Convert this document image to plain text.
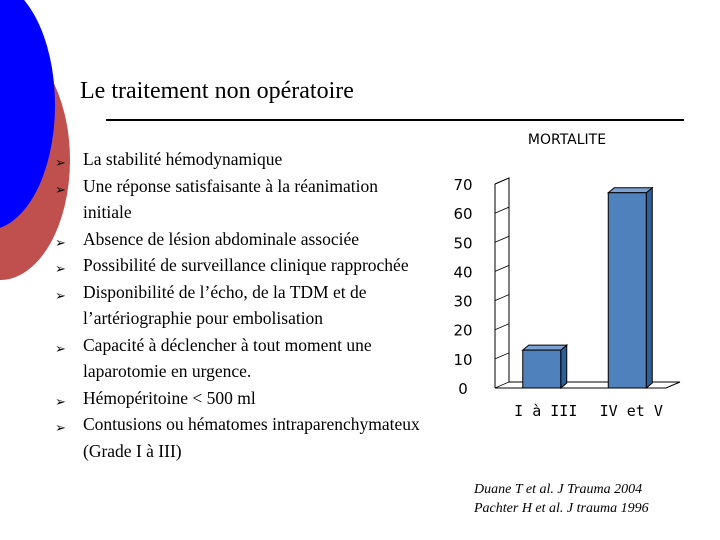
Le traitement non opératoire
➢ La stabilité hémodynamique
➢ Une réponse satisfaisante à la réanimation initiale
➢ Absence de lésion abdominale associée
➢ Possibilité de surveillance clinique rapprochée
➢ Disponibilité de l’écho, de la TDM et de l’artériographie pour embolisation
➢ Capacité à déclencher à tout moment une laparotomie en urgence.
➢ Hémopéritoine < 500 ml
➢ Contusions ou hématomes intraparenchymateux (Grade I à III)
MORTALITE
0
10
20
30
40
50
60
70
I à III IV et V
Duane T et al. J Trauma 2004
Pachter H et al. J trauma 1996
